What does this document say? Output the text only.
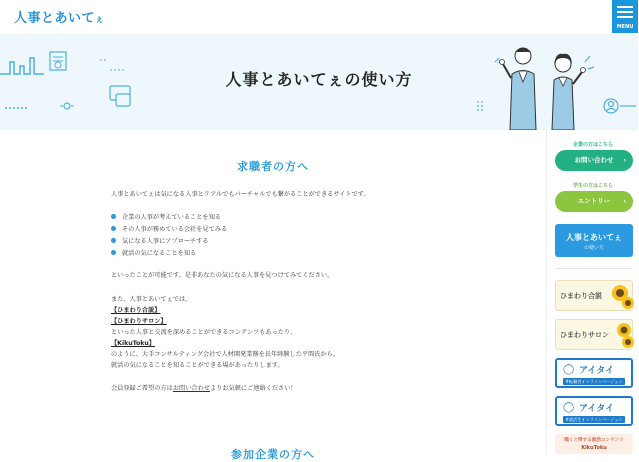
人事とあいてぇ
MENU
人事とあいてぇの使い方
求職者の方へ
人事とあいてぇは気になる人事とリアルでもバーチャルでも繋がることができるサイトです。
企業の人事が考えていることを知る
その人事が務めている会社を見てみる
気になる人事にアプローチする
就活の気になることを知る
といったことが可能です。是非あなたの気になる人事を見つけてみてください。
また、人事とあいてぇでは、
【ひまわり合説】
【ひまわりサロン】
といった人事と交流を深めることができるコンテンツもあったり、
【KikuToku】
のように、大手コンサルティング会社で人材開発業務を長年経験した平間氏から、
就活の気になることを知ることができる場があったりします。
会員登録ご希望の方はお問い合わせよりお気軽にご連絡ください！
参加企業の方へ
企業の方はこちら
お問い合わせ ›
学生の方はこちら
エントリー ›
人事とあいてぇ
の使い方
ひまわり合説
ひまわりサロン
◯ アイタイ
#転職者オンラインバージョン
◯ アイタイ
#就活生オンラインバージョン
聞くと得する就活コンテンツ
KikuToku
